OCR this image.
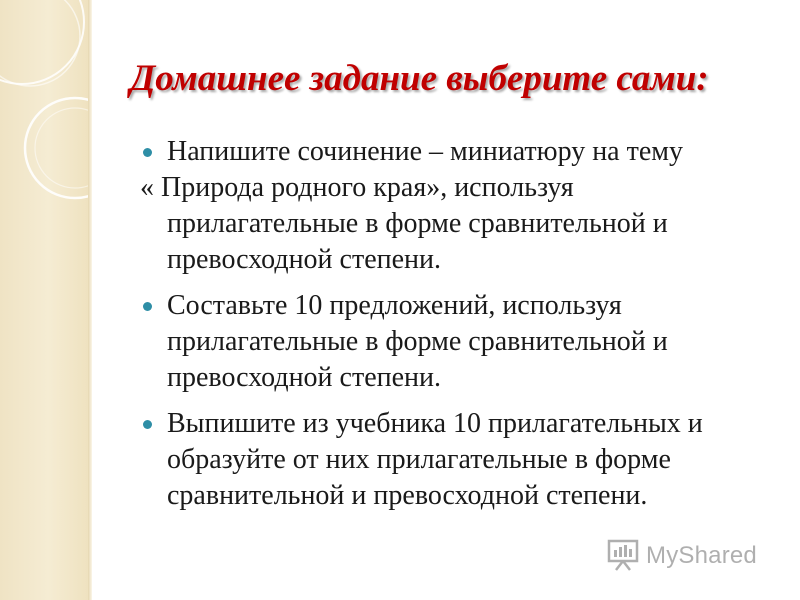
Домашнее задание выберите сами:
Напишите сочинение – миниатюру на тему
« Природа родного края», используя
прилагательные в форме сравнительной и превосходной степени.
Составьте 10 предложений, используя
прилагательные в форме сравнительной и превосходной степени.
Выпишите из учебника 10 прилагательных и
образуйте от них прилагательные в форме сравнительной и превосходной степени.
MyShared
